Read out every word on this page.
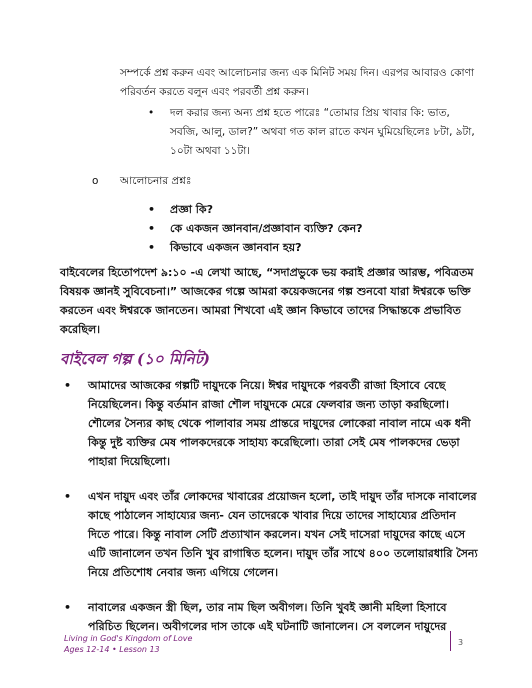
সম্পর্কে প্রশ্ন করুন এবং আলোচনার জন্য এক মিনিট সময় দিন। এরপর আবারও কোণা পরিবর্তন করতে বলুন এবং পরবর্তী প্রশ্ন করুন।
• দল করার জন্য অন্য প্রশ্ন হতে পারেঃ “তোমার প্রিয় খাবার কি: ভাত, সবজি, আলু, ডাল?” অথবা গত কাল রাতে কখন ঘুমিয়েছিলেঃ ৮টা, ৯টা, ১০টা অথবা ১১টা।
o আলোচনার প্রশ্নঃ
• প্রজ্ঞা কি?
• কে একজন জ্ঞানবান/প্রজ্ঞাবান ব্যক্তি? কেন?
• কিভাবে একজন জ্ঞানবান হয়?
বাইবেলের হিতোপদেশ ৯:১০ -এ লেখা আছে, “সদাপ্রভুকে ভয় করাই প্রজ্ঞার আরম্ভ, পবিত্রতম বিষয়ক জ্ঞানই সুবিবেচনা।” আজকের গল্পে আমরা কয়েকজনের গল্প শুনবো যারা ঈশ্বরকে ভক্তি করতেন এবং ঈশ্বরকে জানতেন। আমরা শিখবো এই জ্ঞান কিভাবে তাদের সিদ্ধান্তকে প্রভাবিত করেছিল।
বাইবেল গল্প (১০ মিনিট)
• আমাদের আজকের গল্পটি দায়ুদকে নিয়ে। ঈশ্বর দায়ুদকে পরবর্তী রাজা হিসাবে বেছে নিয়েছিলেন। কিন্তু বর্তমান রাজা শৌল দায়ুদকে মেরে ফেলবার জন্য তাড়া করছিলো। শৌলের সৈন্যর কাছ থেকে পালাবার সময় প্রান্তরে দায়ুদের লোকেরা নাবাল নামে এক ধনী কিন্তু দুষ্ট ব্যক্তির মেষ পালকদেরকে সাহায্য করেছিলো। তারা সেই মেষ পালকদের ভেড়া পাহারা দিয়েছিলো।
• এখন দায়ুদ এবং তাঁর লোকদের খাবারের প্রয়োজন হলো, তাই দায়ুদ তাঁর দাসকে নাবালের কাছে পাঠালেন সাহায্যের জন্য- যেন তাদেরকে খাবার দিয়ে তাদের সাহায্যের প্রতিদান দিতে পারে। কিন্তু নাবাল সেটি প্রত্যাখান করলেন। যখন সেই দাসেরা দায়ুদের কাছে এসে এটি জানালেন তখন তিনি খুব রাগান্বিত হলেন। দায়ুদ তাঁর সাথে ৪০০ তলোয়ারধারি সৈন্য নিয়ে প্রতিশোধ নেবার জন্য এগিয়ে গেলেন।
• নাবালের একজন স্ত্রী ছিল, তার নাম ছিল অবীগল। তিনি খুবই জ্ঞানী মহিলা হিসাবে পরিচিত ছিলেন। অবীগলের দাস তাকে এই ঘটনাটি জানালেন। সে বললেন দায়ুদের
Living in God's Kingdom of Love
Ages 12-14 • Lesson 13
3
